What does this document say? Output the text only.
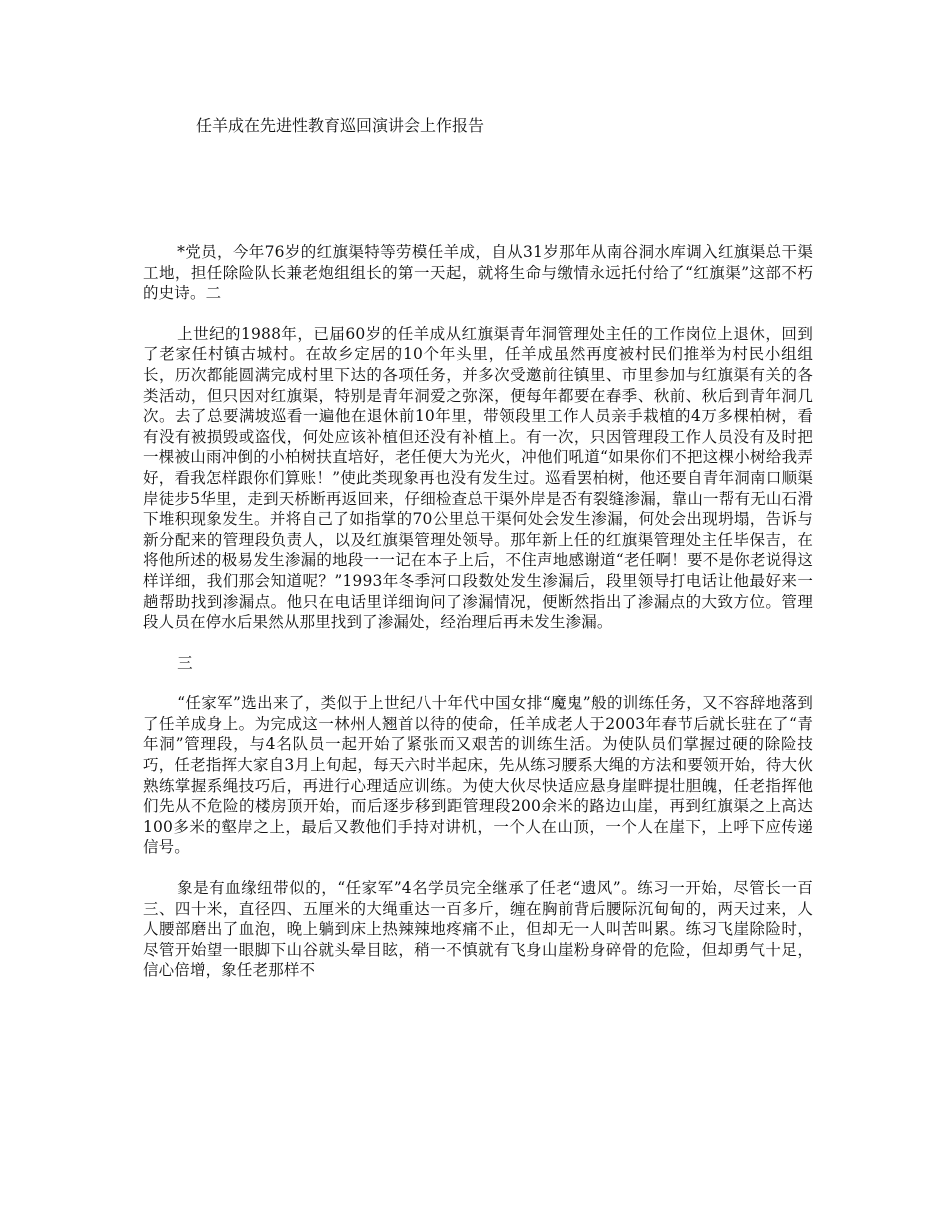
任羊成在先进性教育巡回演讲会上作报告

*党员，今年76岁的红旗渠特等劳模任羊成，自从31岁那年从南谷洞水库调入红旗渠总干渠工地，担任除险队长兼老炮组组长的第一天起，就将生命与缴情永远托付给了“红旗渠”这部不朽的史诗。二

上世纪的1988年，已届60岁的任羊成从红旗渠青年洞管理处主任的工作岗位上退休，回到了老家任村镇古城村。在故乡定居的10个年头里，任羊成虽然再度被村民们推举为村民小组组长，历次都能圆满完成村里下达的各项任务，并多次受邀前往镇里、市里参加与红旗渠有关的各类活动，但只因对红旗渠，特别是青年洞爱之弥深，便每年都要在春季、秋前、秋后到青年洞几次。去了总要满坡巡看一遍他在退休前10年里，带领段里工作人员亲手栽植的4万多棵柏树，看有没有被损毁或盗伐，何处应该补植但还没有补植上。有一次，只因管理段工作人员没有及时把一棵被山雨冲倒的小柏树扶直培好，老任便大为光火，冲他们吼道“如果你们不把这棵小树给我弄好，看我怎样跟你们算账！”使此类现象再也没有发生过。巡看罢柏树，他还要自青年洞南口顺渠岸徒步5华里，走到天桥断再返回来，仔细检查总干渠外岸是否有裂缝渗漏，靠山一帮有无山石滑下堆积现象发生。并将自己了如指掌的70公里总干渠何处会发生渗漏，何处会出现坍塌，告诉与新分配来的管理段负责人，以及红旗渠管理处领导。那年新上任的红旗渠管理处主任毕保吉，在将他所述的极易发生渗漏的地段一一记在本子上后，不住声地感谢道“老任啊！要不是你老说得这样详细，我们那会知道呢？”1993年冬季河口段数处发生渗漏后，段里领导打电话让他最好来一趟帮助找到渗漏点。他只在电话里详细询问了渗漏情况，便断然指出了渗漏点的大致方位。管理段人员在停水后果然从那里找到了渗漏处，经治理后再未发生渗漏。

三

“任家军”选出来了，类似于上世纪八十年代中国女排“魔鬼”般的训练任务，又不容辞地落到了任羊成身上。为完成这一林州人翘首以待的使命，任羊成老人于2003年春节后就长驻在了“青年洞”管理段，与4名队员一起开始了紧张而又艰苦的训练生活。为使队员们掌握过硬的除险技巧，任老指挥大家自3月上旬起，每天六时半起床，先从练习腰系大绳的方法和要领开始，待大伙熟练掌握系绳技巧后，再进行心理适应训练。为使大伙尽快适应悬身崖畔提壮胆魄，任老指挥他们先从不危险的楼房顶开始，而后逐步移到距管理段200余米的路边山崖，再到红旗渠之上高达100多米的壑岸之上，最后又教他们手持对讲机，一个人在山顶，一个人在崖下，上呼下应传递信号。

象是有血缘纽带似的，“任家军”4名学员完全继承了任老“遗风”。练习一开始，尽管长一百三、四十米，直径四、五厘米的大绳重达一百多斤，缠在胸前背后腰际沉甸甸的，两天过来，人人腰部磨出了血泡，晚上躺到床上热辣辣地疼痛不止，但却无一人叫苦叫累。练习飞崖除险时，尽管开始望一眼脚下山谷就头晕目眩，稍一不慎就有飞身山崖粉身碎骨的危险，但却勇气十足，信心倍增，象任老那样不
